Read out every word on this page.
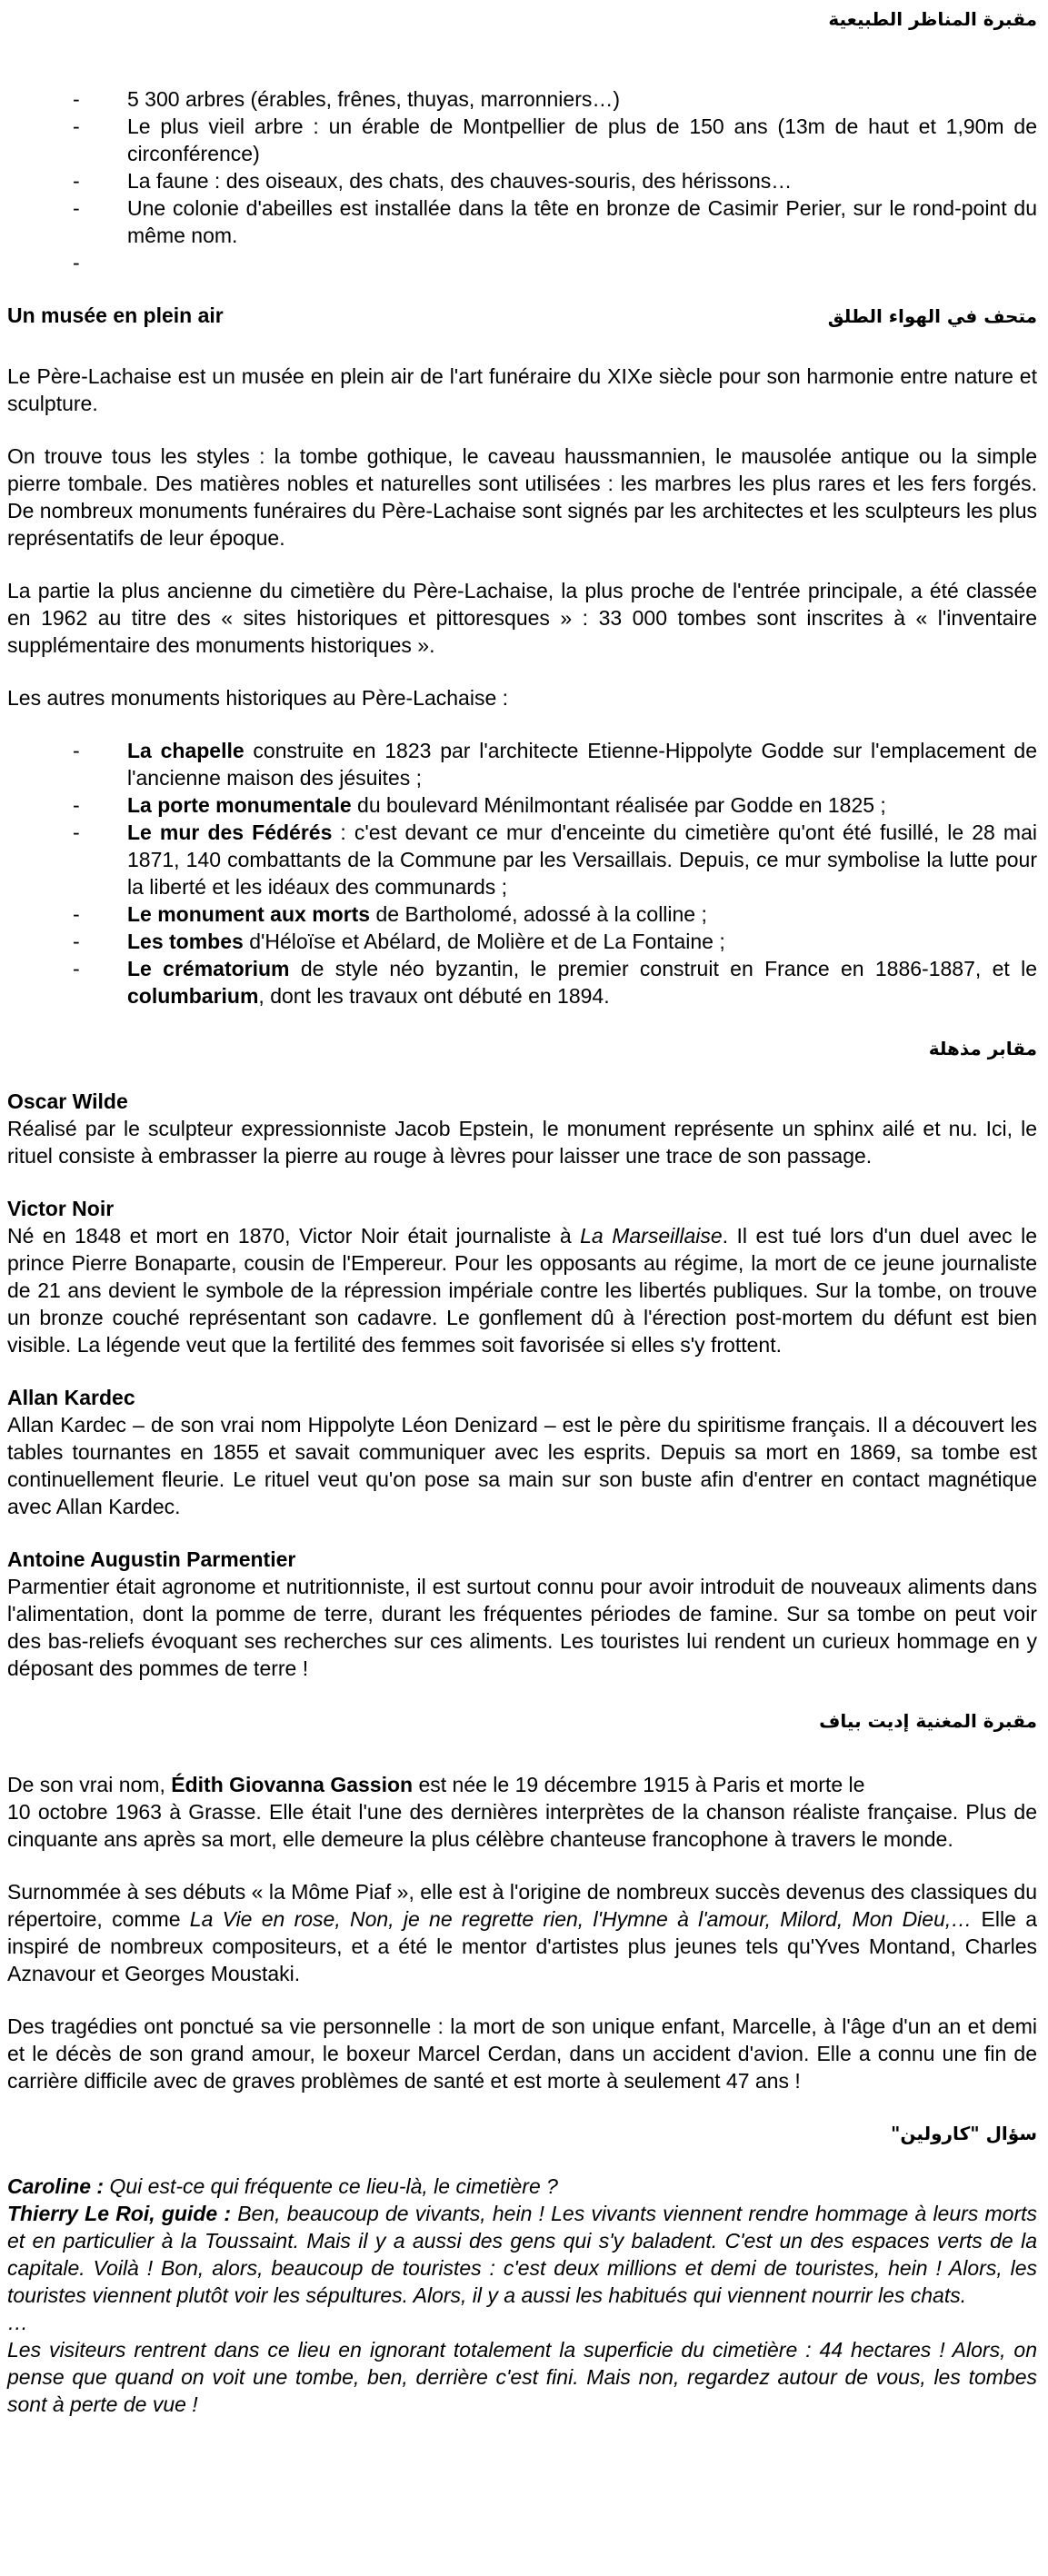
مقبرة المناظر الطبيعية
-	5 300 arbres (érables, frênes, thuyas, marronniers…)
-	Le plus vieil arbre : un érable de Montpellier de plus de 150 ans (13m de haut et 1,90m de circonférence)
-	La faune : des oiseaux, des chats, des chauves-souris, des hérissons…
-	Une colonie d'abeilles est installée dans la tête en bronze de Casimir Perier, sur le rond-point du même nom.
-
Un musée en plein air	متحف في الهواء الطلق

Le Père-Lachaise est un musée en plein air de l'art funéraire du XIXe siècle pour son harmonie entre nature et sculpture.

On trouve tous les styles : la tombe gothique, le caveau haussmannien, le mausolée antique ou la simple pierre tombale. Des matières nobles et naturelles sont utilisées : les marbres les plus rares et les fers forgés. De nombreux monuments funéraires du Père-Lachaise sont signés par les architectes et les sculpteurs les plus représentatifs de leur époque.

La partie la plus ancienne du cimetière du Père-Lachaise, la plus proche de l'entrée principale, a été classée en 1962 au titre des « sites historiques et pittoresques » : 33 000 tombes sont inscrites à « l'inventaire supplémentaire des monuments historiques ».

Les autres monuments historiques au Père-Lachaise :

-	La chapelle construite en 1823 par l'architecte Etienne-Hippolyte Godde sur l'emplacement de l'ancienne maison des jésuites ;
-	La porte monumentale du boulevard Ménilmontant réalisée par Godde en 1825 ;
-	Le mur des Fédérés : c'est devant ce mur d'enceinte du cimetière qu'ont été fusillé, le 28 mai 1871, 140 combattants de la Commune par les Versaillais. Depuis, ce mur symbolise la lutte pour la liberté et les idéaux des communards ;
-	Le monument aux morts de Bartholomé, adossé à la colline ;
-	Les tombes d'Héloïse et Abélard, de Molière et de La Fontaine ;
-	Le crématorium de style néo byzantin, le premier construit en France en 1886-1887, et le columbarium, dont les travaux ont débuté en 1894.
مقابر مذهلة

Oscar Wilde

Réalisé par le sculpteur expressionniste Jacob Epstein, le monument représente un sphinx ailé et nu. Ici, le rituel consiste à embrasser la pierre au rouge à lèvres pour laisser une trace de son passage.

Victor Noir

Né en 1848 et mort en 1870, Victor Noir était journaliste à La Marseillaise. Il est tué lors d'un duel avec le prince Pierre Bonaparte, cousin de l'Empereur. Pour les opposants au régime, la mort de ce jeune journaliste de 21 ans devient le symbole de la répression impériale contre les libertés publiques. Sur la tombe, on trouve un bronze couché représentant son cadavre. Le gonflement dû à l'érection post-mortem du défunt est bien visible. La légende veut que la fertilité des femmes soit favorisée si elles s'y frottent.

Allan Kardec

Allan Kardec – de son vrai nom Hippolyte Léon Denizard – est le père du spiritisme français. Il a découvert les tables tournantes en 1855 et savait communiquer avec les esprits. Depuis sa mort en 1869, sa tombe est continuellement fleurie. Le rituel veut qu'on pose sa main sur son buste afin d'entrer en contact magnétique avec Allan Kardec.

Antoine Augustin Parmentier

Parmentier était agronome et nutritionniste, il est surtout connu pour avoir introduit de nouveaux aliments dans l'alimentation, dont la pomme de terre, durant les fréquentes périodes de famine. Sur sa tombe on peut voir des bas-reliefs évoquant ses recherches sur ces aliments. Les touristes lui rendent un curieux hommage en y déposant des pommes de terre !

مقبرة المغنية إديت بياف

De son vrai nom, Édith Giovanna Gassion est née le 19 décembre 1915 à Paris et morte le
10 octobre 1963 à Grasse. Elle était l'une des dernières interprètes de la chanson réaliste française. Plus de cinquante ans après sa mort, elle demeure la plus célèbre chanteuse francophone à travers le monde.

Surnommée à ses débuts « la Môme Piaf », elle est à l'origine de nombreux succès devenus des classiques du répertoire, comme La Vie en rose, Non, je ne regrette rien, l'Hymne à l'amour, Milord, Mon Dieu,… Elle a inspiré de nombreux compositeurs, et a été le mentor d'artistes plus jeunes tels qu'Yves Montand, Charles Aznavour et Georges Moustaki.

Des tragédies ont ponctué sa vie personnelle : la mort de son unique enfant, Marcelle, à l'âge d'un an et demi et le décès de son grand amour, le boxeur Marcel Cerdan, dans un accident d'avion. Elle a connu une fin de carrière difficile avec de graves problèmes de santé et est morte à seulement 47 ans !

سؤال "كارولين"

Caroline : Qui est-ce qui fréquente ce lieu-là, le cimetière ?

Thierry Le Roi, guide : Ben, beaucoup de vivants, hein ! Les vivants viennent rendre hommage à leurs morts et en particulier à la Toussaint. Mais il y a aussi des gens qui s'y baladent. C'est un des espaces verts de la capitale. Voilà ! Bon, alors, beaucoup de touristes : c'est deux millions et demi de touristes, hein ! Alors, les touristes viennent plutôt voir les sépultures. Alors, il y a aussi les habitués qui viennent nourrir les chats.

…

Les visiteurs rentrent dans ce lieu en ignorant totalement la superficie du cimetière : 44 hectares ! Alors, on pense que quand on voit une tombe, ben, derrière c'est fini. Mais non, regardez autour de vous, les tombes sont à perte de vue !
